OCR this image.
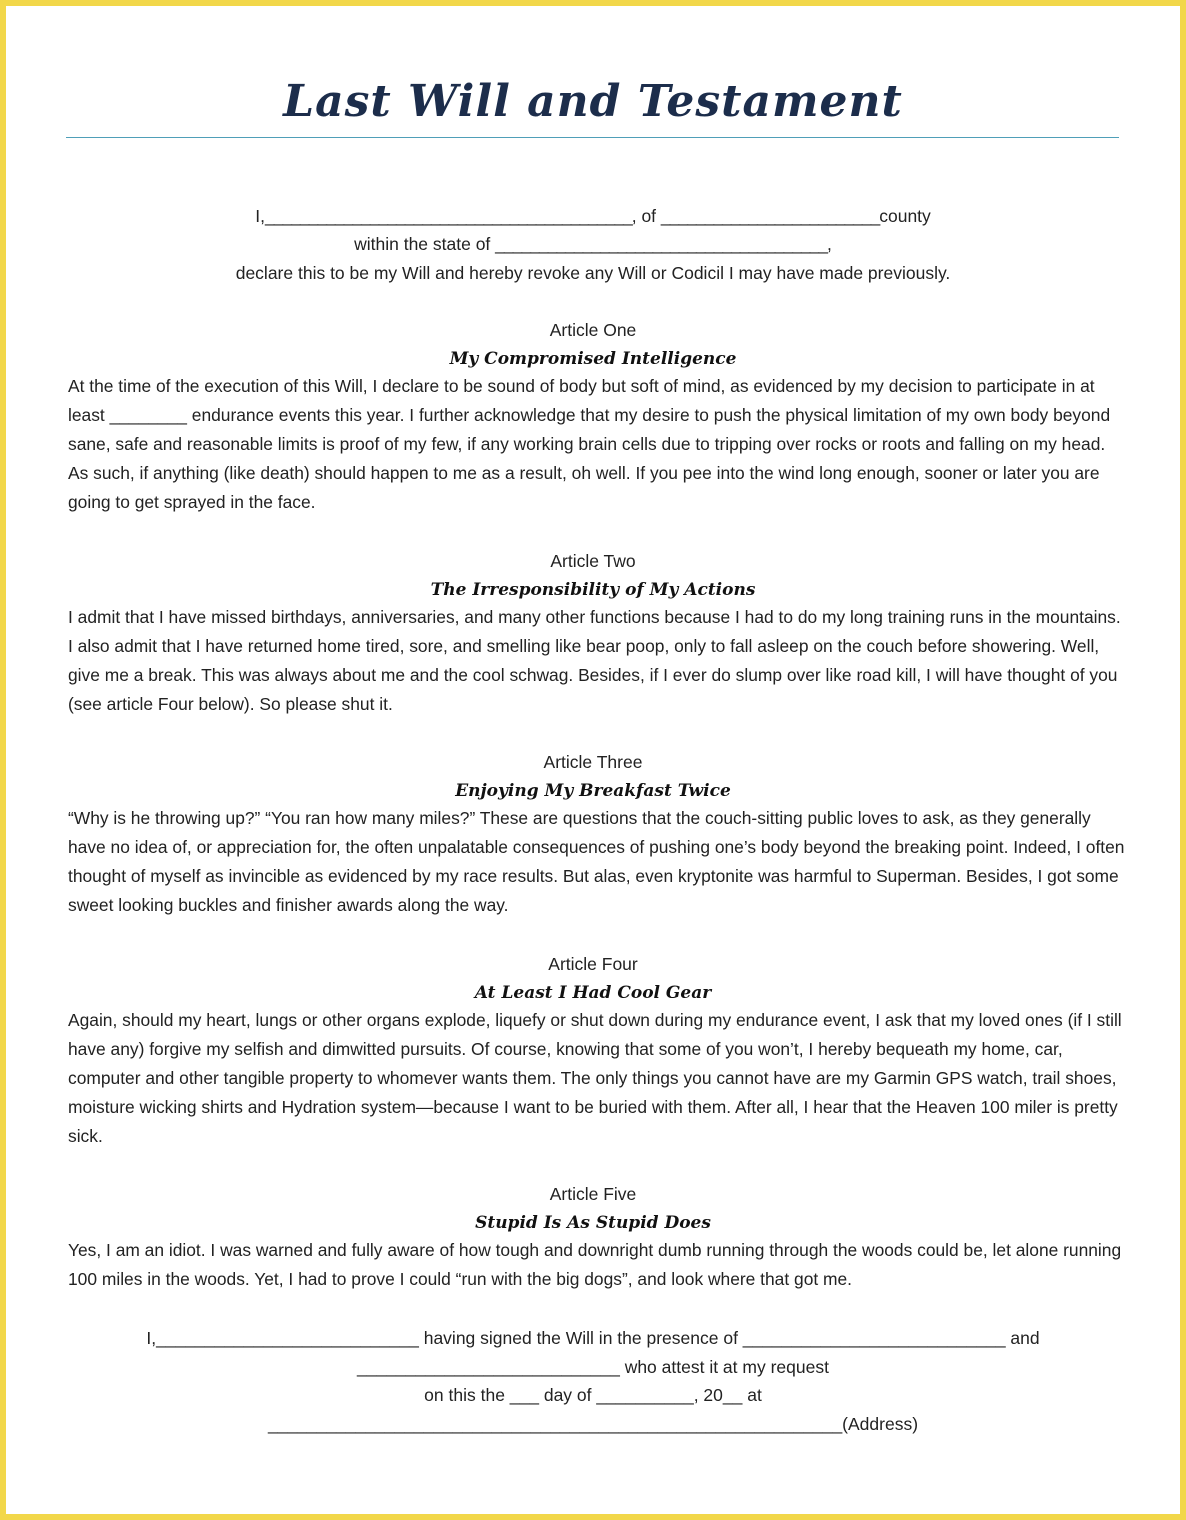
Last Will and Testament
I,__________________________________________, of _________________________county
within the state of ______________________________________,
declare this to be my Will and hereby revoke any Will or Codicil I may have made previously.
Article One
My Compromised Intelligence
At the time of the execution of this Will, I declare to be sound of body but soft of mind, as evidenced by my decision to participate in at least ________ endurance events this year. I further acknowledge that my desire to push the physical limitation of my own body beyond sane, safe and reasonable limits is proof of my few, if any working brain cells due to tripping over rocks or roots and falling on my head. As such, if anything (like death) should happen to me as a result, oh well. If you pee into the wind long enough, sooner or later you are going to get sprayed in the face.
Article Two
The Irresponsibility of My Actions
I admit that I have missed birthdays, anniversaries, and many other functions because I had to do my long training runs in the mountains. I also admit that I have returned home tired, sore, and smelling like bear poop, only to fall asleep on the couch before showering. Well, give me a break. This was always about me and the cool schwag. Besides, if I ever do slump over like road kill, I will have thought of you (see article Four below). So please shut it.
Article Three
Enjoying My Breakfast Twice
“Why is he throwing up?” “You ran how many miles?” These are questions that the couch-sitting public loves to ask, as they generally have no idea of, or appreciation for, the often unpalatable consequences of pushing one’s body beyond the breaking point. Indeed, I often thought of myself as invincible as evidenced by my race results. But alas, even kryptonite was harmful to Superman. Besides, I got some sweet looking buckles and finisher awards along the way.
Article Four
At Least I Had Cool Gear
Again, should my heart, lungs or other organs explode, liquefy or shut down during my endurance event, I ask that my loved ones (if I still have any) forgive my selfish and dimwitted pursuits. Of course, knowing that some of you won’t, I hereby bequeath my home, car, computer and other tangible property to whomever wants them. The only things you cannot have are my Garmin GPS watch, trail shoes, moisture wicking shirts and Hydration system—because I want to be buried with them. After all, I hear that the Heaven 100 miler is pretty sick.
Article Five
Stupid Is As Stupid Does
Yes, I am an idiot. I was warned and fully aware of how tough and downright dumb running through the woods could be, let alone running 100 miles in the woods. Yet, I had to prove I could “run with the big dogs”, and look where that got me.
I,___________________________ having signed the Will in the presence of ___________________________ and
___________________________ who attest it at my request
on this the ___ day of __________, 20__ at
___________________________________________________________(Address)
